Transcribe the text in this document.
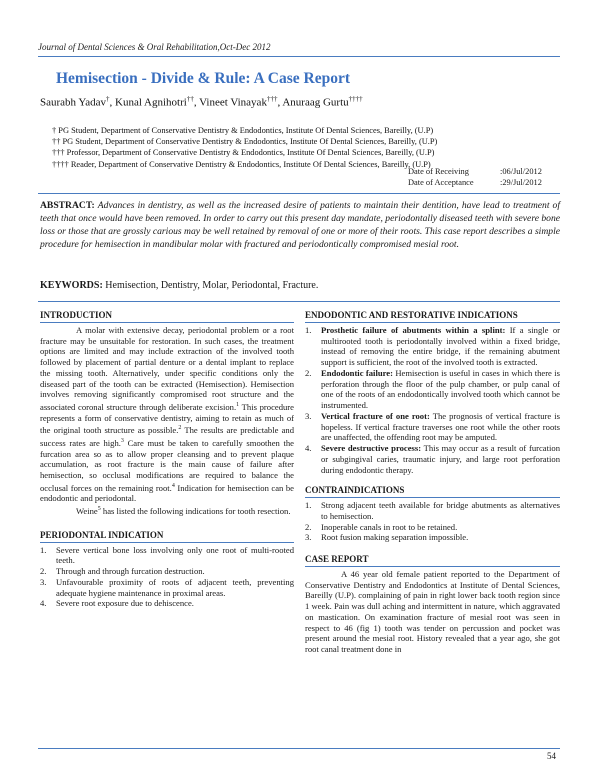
Journal of Dental Sciences & Oral Rehabilitation,Oct-Dec 2012
Hemisection - Divide & Rule: A Case Report
Saurabh Yadav†, Kunal Agnihotri††, Vineet Vinayak†††, Anuraag Gurtu††††
† PG Student, Department of Conservative Dentistry & Endodontics, Institute Of Dental Sciences, Bareilly, (U.P)
†† PG Student, Department of Conservative Dentistry & Endodontics, Institute Of Dental Sciences, Bareilly, (U.P)
††† Professor, Department of Conservative Dentistry & Endodontics, Institute Of Dental Sciences, Bareilly, (U.P)
†††† Reader, Department of Conservative Dentistry & Endodontics, Institute Of Dental Sciences, Bareilly, (U.P)
Date of Receiving	:06/Jul/2012
Date of Acceptance	:29/Jul/2012
ABSTRACT: Advances in dentistry, as well as the increased desire of patients to maintain their dentition, have lead to treatment of teeth that once would have been removed. In order to carry out this present day mandate, periodontally diseased teeth with severe bone loss or those that are grossly carious may be well retained by removal of one or more of their roots. This case report describes a simple procedure for hemisection in mandibular molar with fractured and periodontically compromised mesial root.
KEYWORDS: Hemisection, Dentistry, Molar, Periodontal, Fracture.
INTRODUCTION

A molar with extensive decay, periodontal problem or a root fracture may be unsuitable for restoration. In such cases, the treatment options are limited and may include extraction of the involved tooth followed by placement of partial denture or a dental implant to replace the missing tooth. Alternatively, under specific conditions only the diseased part of the tooth can be extracted (Hemisection). Hemisection involves removing significantly compromised root structure and the associated coronal structure through deliberate excision.$^1$ This procedure represents a form of conservative dentistry, aiming to retain as much of the original tooth structure as possible.$^2$ The results are predictable and success rates are high.$^3$ Care must be taken to carefully smoothen the furcation area so as to allow proper cleansing and to prevent plaque accumulation, as root fracture is the main cause of failure after hemisection, so occlusal modifications are required to balance the occlusal forces on the remaining root.$^4$ Indication for hemisection can be endodontic and periodontal.

Weine$^5$ has listed the following indications for tooth resection.

PERIODONTAL INDICATION
1. Severe vertical bone loss involving only one root of multi-rooted teeth.
2. Through and through furcation destruction.
3. Unfavourable proximity of roots of adjacent teeth, preventing adequate hygiene maintenance in proximal areas.
4. Severe root exposure due to dehiscence.
ENDODONTIC AND RESTORATIVE INDICATIONS
1. Prosthetic failure of abutments within a splint: If a single or multirooted tooth is periodontally involved within a fixed bridge, instead of removing the entire bridge, if the remaining abutment support is sufficient, the root of the involved tooth is extracted.
2. Endodontic failure: Hemisection is useful in cases in which there is perforation through the floor of the pulp chamber, or pulp canal of one of the roots of an endodontically involved tooth which cannot be instrumented.
3. Vertical fracture of one root: The prognosis of vertical fracture is hopeless. If vertical fracture traverses one root while the other roots are unaffected, the offending root may be amputed.
4. Severe destructive process: This may occur as a result of furcation or subgingival caries, traumatic injury, and large root perforation during endodontic therapy.
CONTRAINDICATIONS
1. Strong adjacent teeth available for bridge abutments as alternatives to hemisection.
2. Inoperable canals in root to be retained.
3. Root fusion making separation impossible.
CASE REPORT

A 46 year old female patient reported to the Department of Conservative Dentistry and Endodontics at Institute of Dental Sciences, Bareilly (U.P). complaining of pain in right lower back tooth region since 1 week. Pain was dull aching and intermittent in nature, which aggravated on mastication. On examination fracture of mesial root was seen in respect to 46 (fig 1) tooth was tender on percussion and pocket was present around the mesial root. History revealed that a year ago, she got root canal treatment done in

54
